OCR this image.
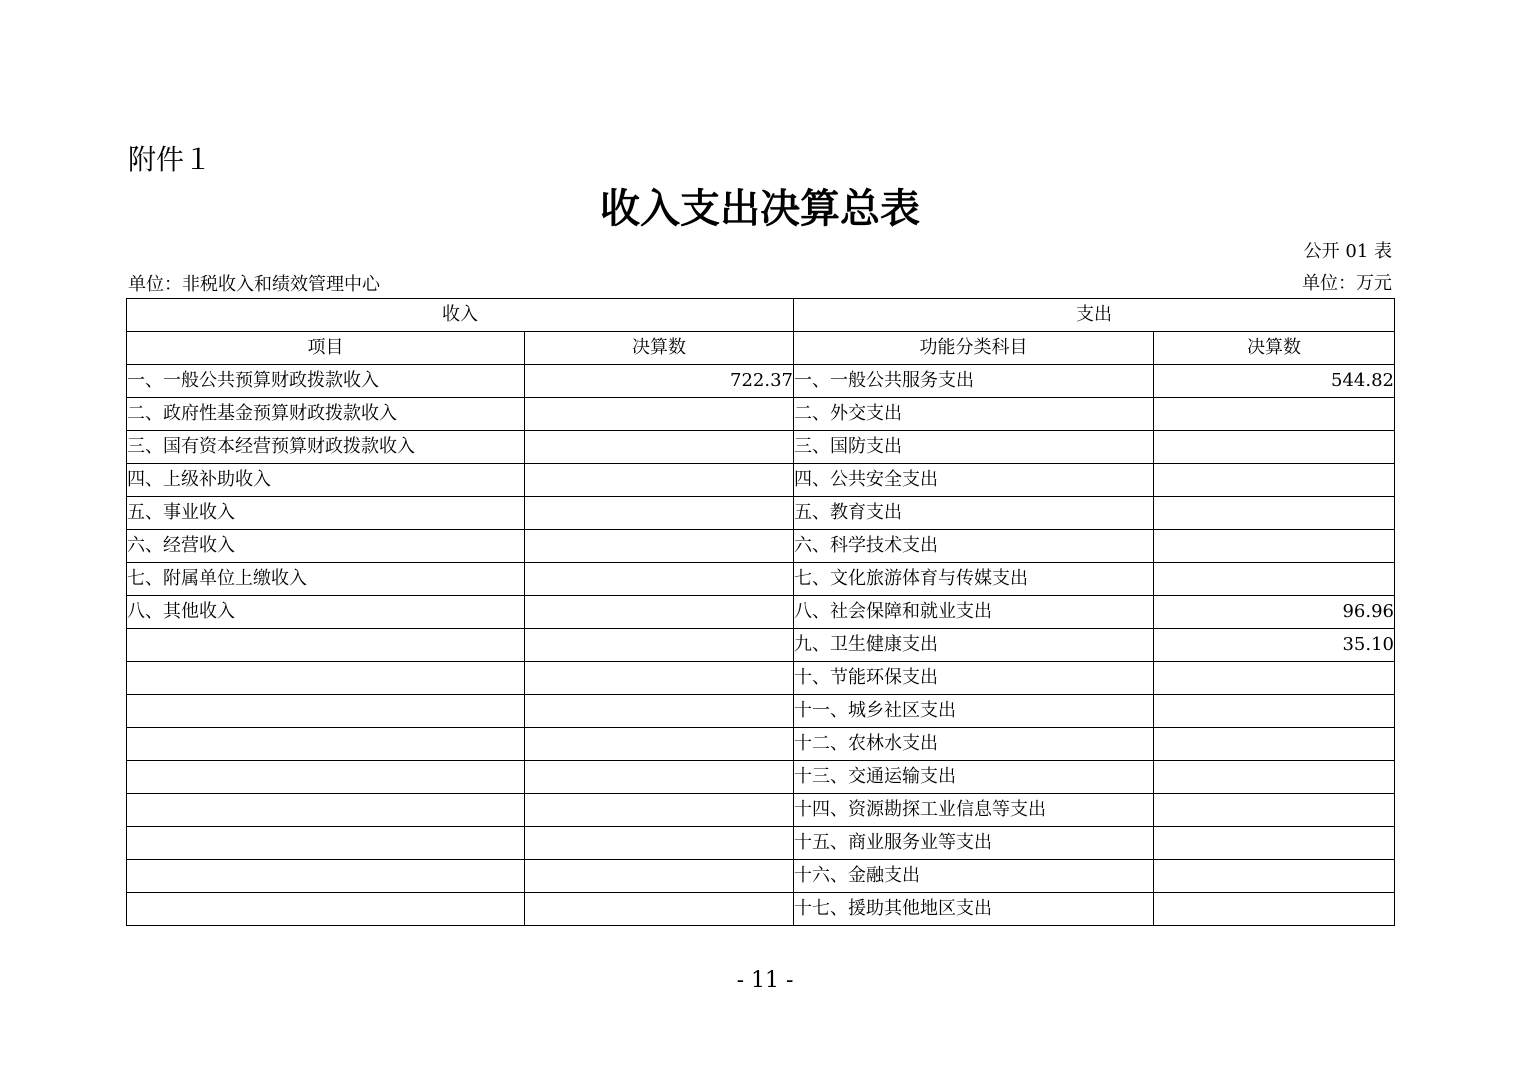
附件１
收入支出决算总表
公开 01 表
单位：非税收入和绩效管理中心	单位：万元
收入		支出	
项目	决算数	功能分类科目	决算数
一、一般公共预算财政拨款收入	722.37	一、一般公共服务支出	544.82
二、政府性基金预算财政拨款收入		二、外交支出	
三、国有资本经营预算财政拨款收入		三、国防支出	
四、上级补助收入		四、公共安全支出	
五、事业收入		五、教育支出	
六、经营收入		六、科学技术支出	
七、附属单位上缴收入		七、文化旅游体育与传媒支出	
八、其他收入		八、社会保障和就业支出	96.96
		九、卫生健康支出	35.10
		十、节能环保支出	
		十一、城乡社区支出	
		十二、农林水支出	
		十三、交通运输支出	
		十四、资源勘探工业信息等支出	
		十五、商业服务业等支出	
		十六、金融支出	
		十七、援助其他地区支出	
- 11 -
